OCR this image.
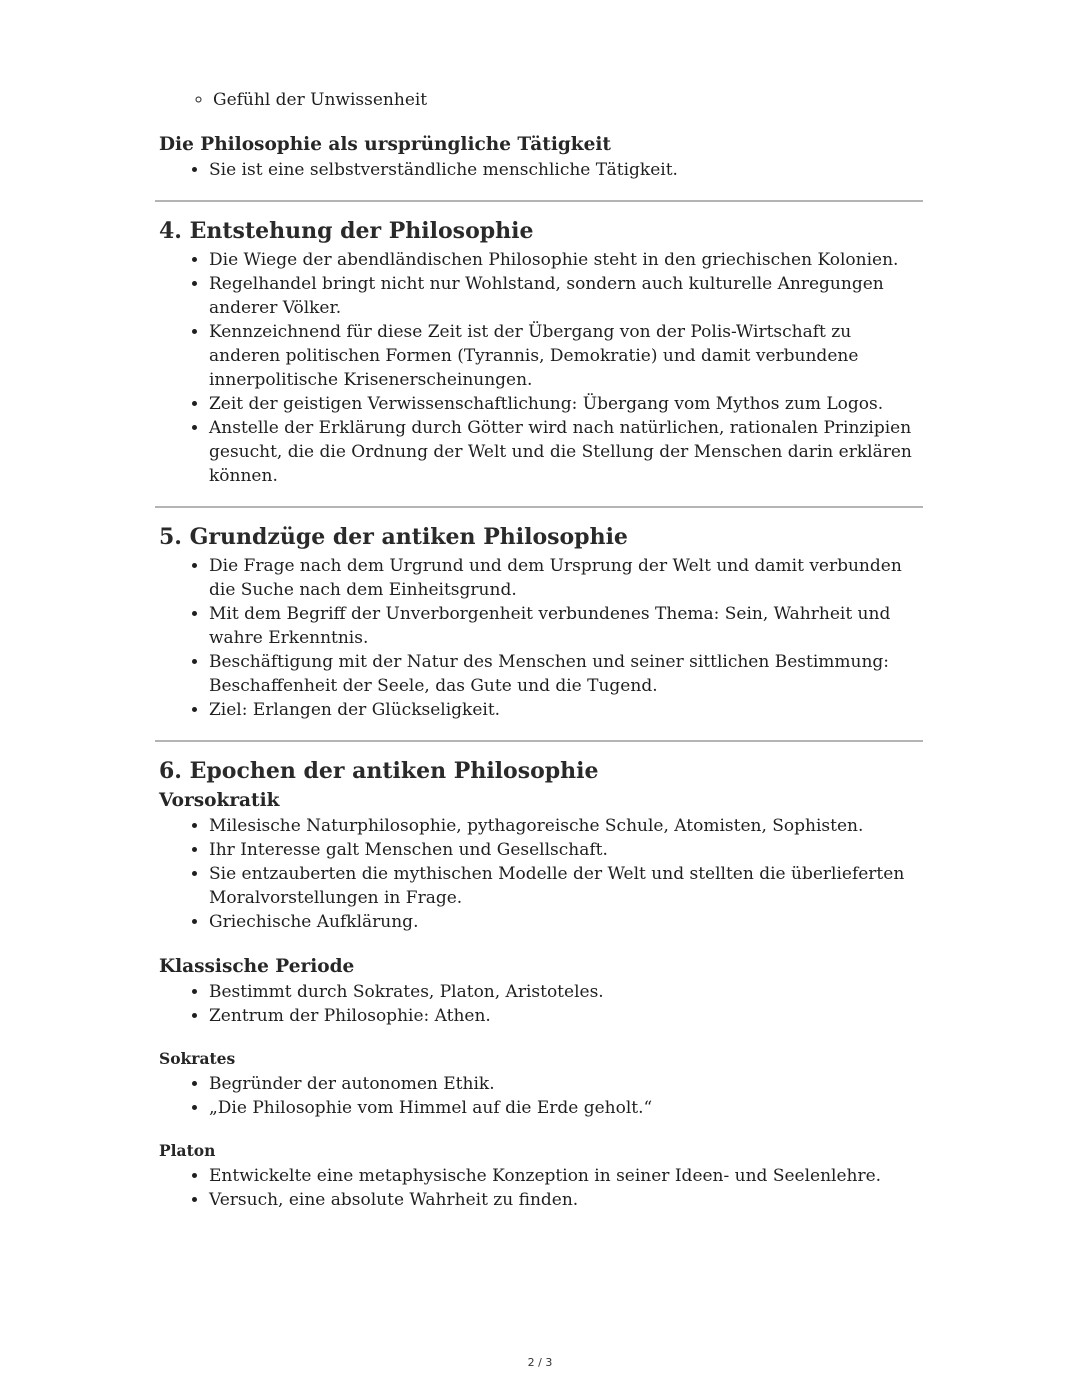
◦ Gefühl der Unwissenheit
Die Philosophie als ursprüngliche Tätigkeit
• Sie ist eine selbstverständliche menschliche Tätigkeit.
4. Entstehung der Philosophie
• Die Wiege der abendländischen Philosophie steht in den griechischen Kolonien.
• Regelhandel bringt nicht nur Wohlstand, sondern auch kulturelle Anregungen anderer Völker.
• Kennzeichnend für diese Zeit ist der Übergang von der Polis-Wirtschaft zu anderen politischen Formen (Tyrannis, Demokratie) und damit verbundene innerpolitische Krisenerscheinungen.
• Zeit der geistigen Verwissenschaftlichung: Übergang vom Mythos zum Logos.
• Anstelle der Erklärung durch Götter wird nach natürlichen, rationalen Prinzipien gesucht, die die Ordnung der Welt und die Stellung der Menschen darin erklären können.
5. Grundzüge der antiken Philosophie
• Die Frage nach dem Urgrund und dem Ursprung der Welt und damit verbunden die Suche nach dem Einheitsgrund.
• Mit dem Begriff der Unverborgenheit verbundenes Thema: Sein, Wahrheit und wahre Erkenntnis.
• Beschäftigung mit der Natur des Menschen und seiner sittlichen Bestimmung: Beschaffenheit der Seele, das Gute und die Tugend.
• Ziel: Erlangen der Glückseligkeit.
6. Epochen der antiken Philosophie
Vorsokratik
• Milesische Naturphilosophie, pythagoreische Schule, Atomisten, Sophisten.
• Ihr Interesse galt Menschen und Gesellschaft.
• Sie entzauberten die mythischen Modelle der Welt und stellten die überlieferten Moralvorstellungen in Frage.
• Griechische Aufklärung.
Klassische Periode
• Bestimmt durch Sokrates, Platon, Aristoteles.
• Zentrum der Philosophie: Athen.
Sokrates
• Begründer der autonomen Ethik.
• „Die Philosophie vom Himmel auf die Erde geholt.“
Platon
• Entwickelte eine metaphysische Konzeption in seiner Ideen- und Seelenlehre.
• Versuch, eine absolute Wahrheit zu finden.
2 / 3
